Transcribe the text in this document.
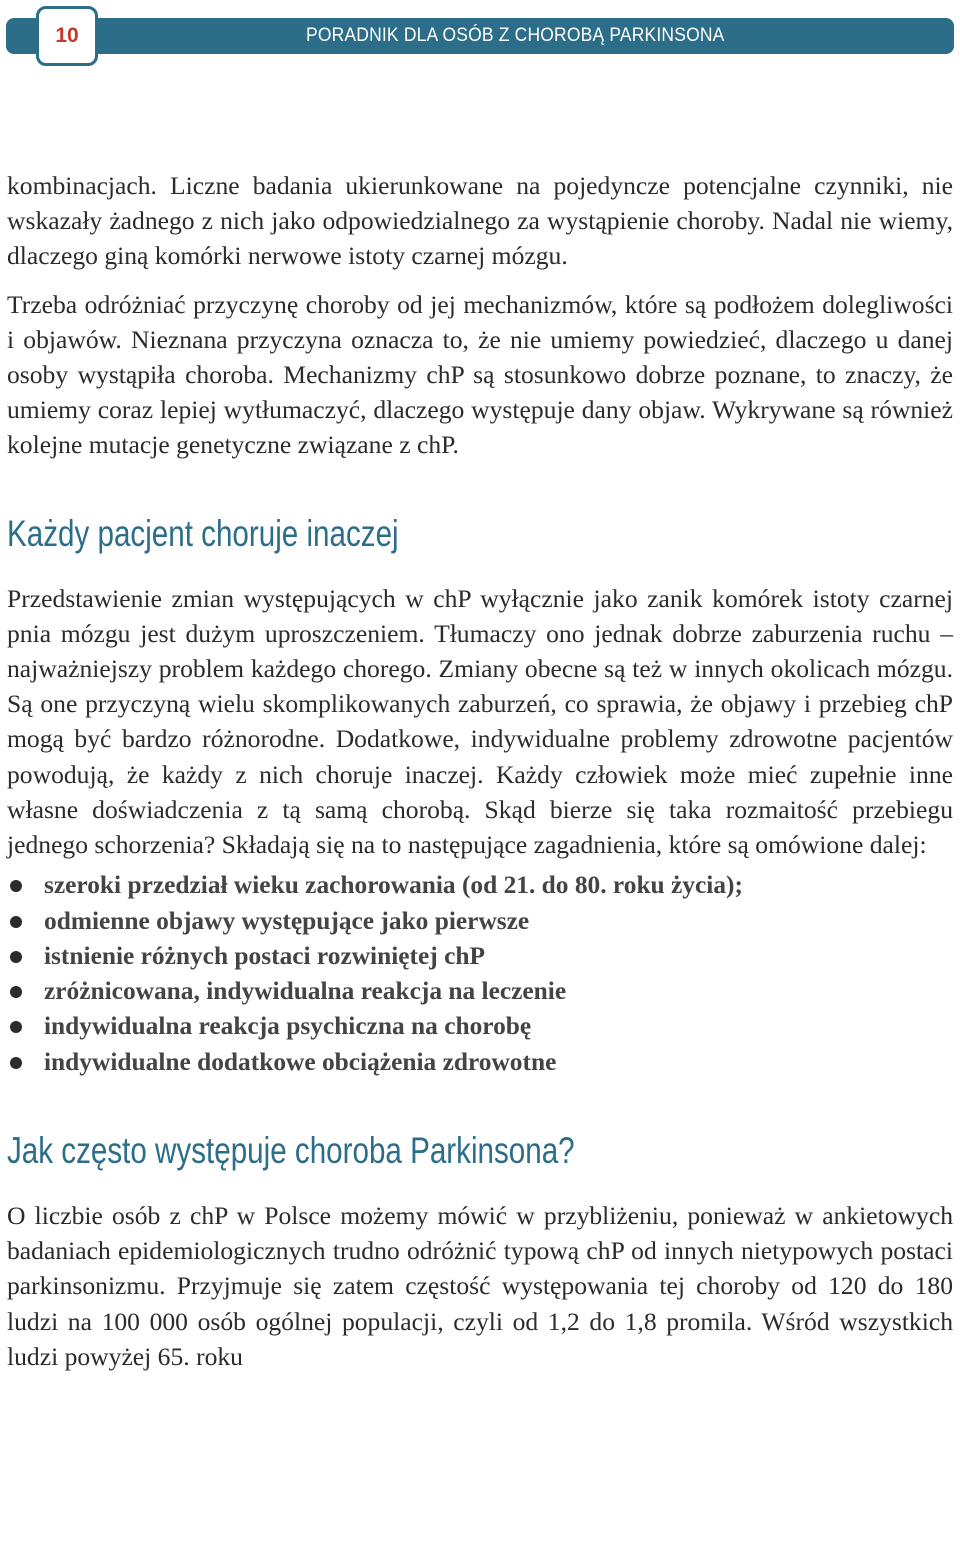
10	PORADNIK DLA OSÓB Z CHOROBĄ PARKINSONA

kombinacjach. Liczne badania ukierunkowane na pojedyncze potencjalne czynniki, nie wskazały żadnego z nich jako odpowiedzialnego za wystąpienie choroby. Nadal nie wiemy, dlaczego giną komórki nerwowe istoty czarnej mózgu.

Trzeba odróżniać przyczynę choroby od jej mechanizmów, które są podłożem dolegliwości i objawów. Nieznana przyczyna oznacza to, że nie umiemy powiedzieć, dlaczego u danej osoby wystąpiła choroba. Mechanizmy chP są stosunkowo dobrze poznane, to znaczy, że umiemy coraz lepiej wytłumaczyć, dlaczego występuje dany objaw. Wykrywane są również kolejne mutacje genetyczne związane z chP.

Każdy pacjent choruje inaczej

Przedstawienie zmian występujących w chP wyłącznie jako zanik komórek istoty czarnej pnia mózgu jest dużym uproszczeniem. Tłumaczy ono jednak dobrze zaburzenia ruchu – najważniejszy problem każdego chorego. Zmiany obecne są też w innych okolicach mózgu. Są one przyczyną wielu skomplikowanych zaburzeń, co sprawia, że objawy i przebieg chP mogą być bardzo różnorodne. Dodatkowe, indywidualne problemy zdrowotne pacjentów powodują, że każdy z nich choruje inaczej. Każdy człowiek może mieć zupełnie inne własne doświadczenia z tą samą chorobą. Skąd bierze się taka rozmaitość przebiegu jednego schorzenia? Składają się na to następujące zagadnienia, które są omówione dalej:

szeroki przedział wieku zachorowania (od 21. do 80. roku życia);
odmienne objawy występujące jako pierwsze
istnienie różnych postaci rozwiniętej chP
zróżnicowana, indywidualna reakcja na leczenie
indywidualna reakcja psychiczna na chorobę
indywidualne dodatkowe obciążenia zdrowotne
Jak często występuje choroba Parkinsona?

O liczbie osób z chP w Polsce możemy mówić w przybliżeniu, ponieważ w ankietowych badaniach epidemiologicznych trudno odróżnić typową chP od innych nietypowych postaci parkinsonizmu. Przyjmuje się zatem częstość występowania tej choroby od 120 do 180 ludzi na 100 000 osób ogólnej populacji, czyli od 1,2 do 1,8 promila. Wśród wszystkich ludzi powyżej 65. roku
